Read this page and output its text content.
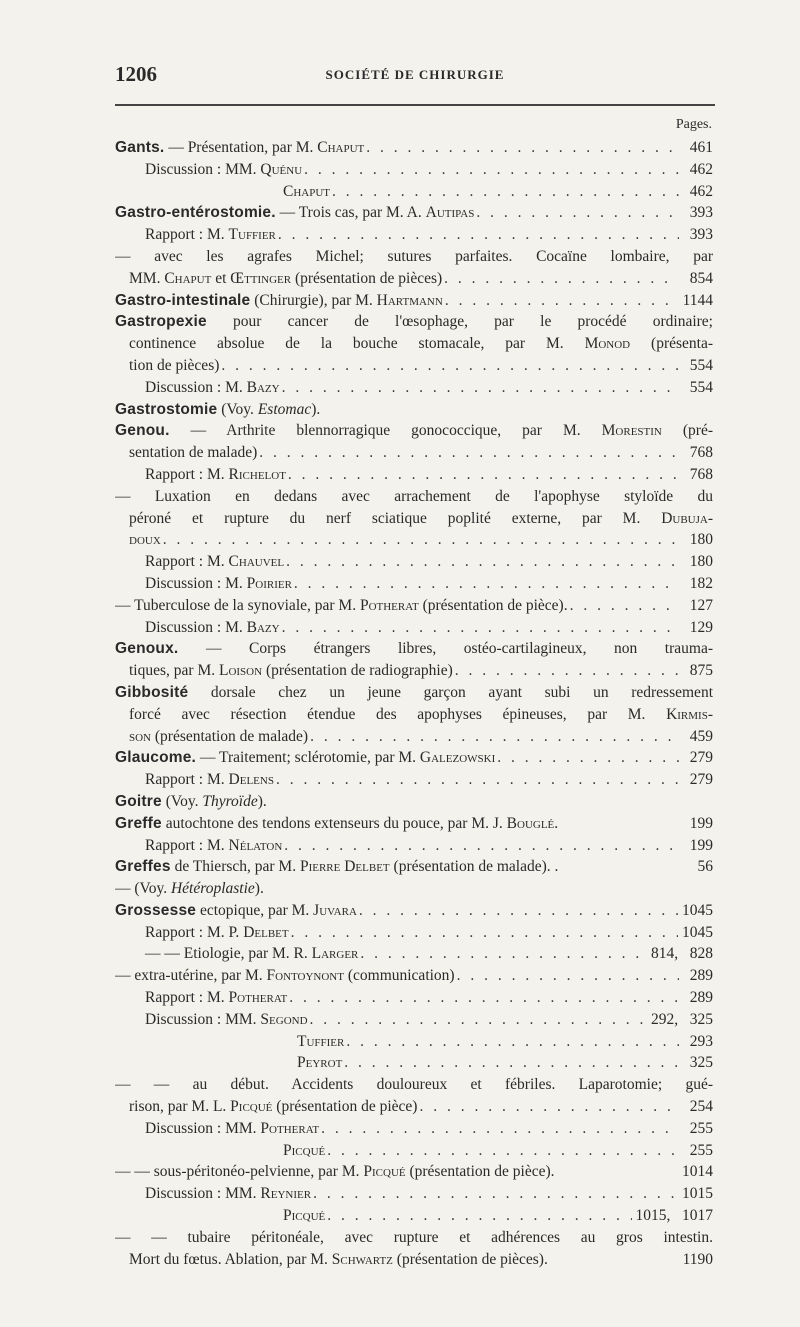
1206	SOCIÉTÉ DE CHIRURGIE
Pages.
Gants. — Présentation, par M. Chaput . . .	461
Discussion : MM. Quénu . . .	462
Chaput . . .	462
Gastro-entérostomie. — Trois cas, par M. A. Autipas . . .	393
Rapport : M. Tuffier . . .	393
— avec les agrafes Michel; sutures parfaites. Cocaïne lombaire, par
MM. Chaput et Œttinger (présentation de pièces) . . .	854
Gastro-intestinale (Chirurgie), par M. Hartmann . . .	1144
Gastropexie pour cancer de l'œsophage, par le procédé ordinaire;
continence absolue de la bouche stomacale, par M. Monod (présenta-
tion de pièces) . . .	554
Discussion : M. Bazy . . .	554
Gastrostomie (Voy. Estomac).
Genou. — Arthrite blennorragique gonococcique, par M. Morestin (pré-
sentation de malade) . . .	768
Rapport : M. Richelot . . .	768
— Luxation en dedans avec arrachement de l'apophyse styloïde du
péroné et rupture du nerf sciatique poplité externe, par M. Dubuja-
doux . . .	180
Rapport : M. Chauvel . . .	180
Discussion : M. Poirier . . .	182
— Tuberculose de la synoviale, par M. Potherat (présentation de pièce). . . .	127
Discussion : M. Bazy . . .	129
Genoux. — Corps étrangers libres, ostéo-cartilagineux, non trauma-
tiques, par M. Loison (présentation de radiographie) . . .	875
Gibbosité dorsale chez un jeune garçon ayant subi un redressement
forcé avec résection étendue des apophyses épineuses, par M. Kirmis-
son (présentation de malade) . . .	459
Glaucome. — Traitement; sclérotomie, par M. Galezowski . . .	279
Rapport : M. Delens . . .	279
Goitre (Voy. Thyroïde).
Greffe autochtone des tendons extenseurs du pouce, par M. J. Bouglé.	199
Rapport : M. Nélaton . . .	199
Greffes de Thiersch, par M. Pierre Delbet (présentation de malade). .	56
— (Voy. Hétéroplastie).
Grossesse ectopique, par M. Juvara . . .	1045
Rapport : M. P. Delbet . . .	1045
— — Etiologie, par M. R. Larger . . .	814,   828
— extra-utérine, par M. Fontoynont (communication) . . .	289
Rapport : M. Potherat . . .	289
Discussion : MM. Segond . . .	292,   325
Tuffier . . .	293
Peyrot . . .	325
— — au début. Accidents douloureux et fébriles. Laparotomie; gué-
rison, par M. L. Picqué (présentation de pièce) . . .	254
Discussion : MM. Potherat . . .	255
Picqué . . .	255
— — sous-péritonéo-pelvienne, par M. Picqué (présentation de pièce).	1014
Discussion : MM. Reynier . . .	1015
Picqué . . .	1015,   1017
— — tubaire péritonéale, avec rupture et adhérences au gros intestin.
Mort du fœtus. Ablation, par M. Schwartz (présentation de pièces).	1190
